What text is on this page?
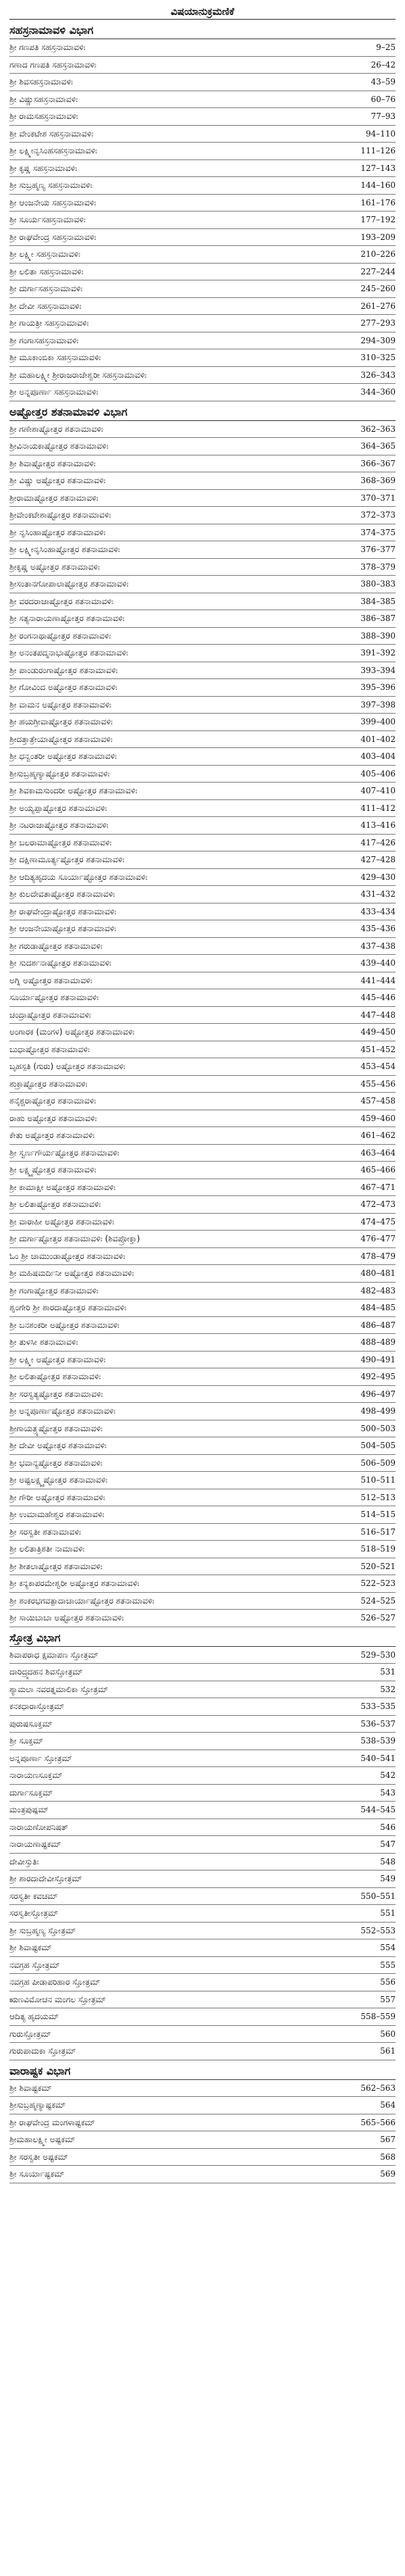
ವಿಷಯಾನುಕ್ರಮಣಿಕೆ
ಸಹಸ್ರನಾಮಾವಳಿ ವಿಭಾಗ
ಶ್ರೀ ಗಣಪತಿ ಸಹಸ್ರನಾಮಾವಳಿಃ	9–25
ಗಣಾದ ಗಣಪತಿ ಸಹಸ್ರನಾಮಾವಳಿಃ	26–42
ಶ್ರೀ ಶಿವಸಹಸ್ರನಾಮಾವಳಿಃ	43–59
ಶ್ರೀ ವಿಷ್ಣುಸಹಸ್ರನಾಮಾವಳಿಃ	60–76
ಶ್ರೀ ರಾಮಸಹಸ್ರನಾಮಾವಳಿಃ	77–93
ಶ್ರೀ ವೇಂಕಟೇಶ ಸಹಸ್ರನಾಮಾವಳಿಃ	94–110
ಶ್ರೀ ಲಕ್ಷ್ಮೀನೃಸಿಂಹಸಹಸ್ರನಾಮಾವಳಿಃ	111–126
ಶ್ರೀ ಕೃಷ್ಣ ಸಹಸ್ರನಾಮಾವಳಿಃ	127–143
ಶ್ರೀ ಸುಬ್ರಹ್ಮಣ್ಯ ಸಹಸ್ರನಾಮಾವಳಿಃ	144–160
ಶ್ರೀ ಆಂಜನೇಯ ಸಹಸ್ರನಾಮಾವಳಿಃ	161–176
ಶ್ರೀ ಸೂರ್ಯಸಹಸ್ರನಾಮಾವಳಿಃ	177–192
ಶ್ರೀ ರಾಘವೇಂದ್ರ ಸಹಸ್ರನಾಮಾವಳಿಃ	193–209
ಶ್ರೀ ಲಕ್ಷ್ಮೀ ಸಹಸ್ರನಾಮಾವಳಿಃ	210–226
ಶ್ರೀ ಲಲಿತಾ ಸಹಸ್ರನಾಮಾವಳಿಃ	227–244
ಶ್ರೀ ದುರ್ಗಾಸಹಸ್ರನಾಮಾವಳಿಃ	245–260
ಶ್ರೀ ದೇವೀ ಸಹಸ್ರನಾಮಾವಳಿಃ	261–276
ಶ್ರೀ ಗಾಯತ್ರೀ ಸಹಸ್ರನಾಮಾವಳಿಃ	277–293
ಶ್ರೀ ಗಂಗಾಸಹಸ್ರನಾಮಾವಳಿಃ	294–309
ಶ್ರೀ ಮೂಕಾಂಬಿಕಾ ಸಹಸ್ರನಾಮಾವಳಿಃ	310–325
ಶ್ರೀ ಮಹಾಲಕ್ಷ್ಮೀ ಶ್ರೀರಾಜರಾಜೇಶ್ವರೀ ಸಹಸ್ರನಾಮಾವಳಿಃ	326–343
ಶ್ರೀ ಅನ್ನಪೂರ್ಣಾ ಸಹಸ್ರನಾಮಾವಳಿಃ	344–360
ಅಷ್ಟೋತ್ತರ ಶತನಾಮಾವಳಿ ವಿಭಾಗ
ಶ್ರೀ ಗಣೇಶಾಷ್ಟೋತ್ತರ ಶತನಾಮಾವಳಿಃ	362–363
ಶ್ರೀವಿನಾಯಕಾಷ್ಟೋತ್ತರ ಶತನಾಮಾವಳಿಃ	364–365
ಶ್ರೀ ಶಿವಾಷ್ಟೋತ್ತರ ಶತನಾಮಾವಳಿಃ	366–367
ಶ್ರೀ ವಿಷ್ಣು ಅಷ್ಟೋತ್ತರ ಶತನಾಮಾವಳಿಃ	368–369
ಶ್ರೀರಾಮಾಷ್ಟೋತ್ತರ ಶತನಾಮಾವಳಿಃ	370–371
ಶ್ರೀವೇಂಕಟೇಶಾಷ್ಟೋತ್ತರ ಶತನಾಮಾವಳಿಃ	372–373
ಶ್ರೀ ನೃಸಿಂಹಾಷ್ಟೋತ್ತರ ಶತನಾಮಾವಳಿಃ	374–375
ಶ್ರೀ ಲಕ್ಷ್ಮೀನೃಸಿಂಹಾಷ್ಟೋತ್ತರ ಶತನಾಮಾವಳಿಃ	376–377
ಶ್ರೀಕೃಷ್ಣ ಅಷ್ಟೋತ್ತರ ಶತನಾಮಾವಳಿಃ	378–379
ಶ್ರೀಸಂತಾನಗೋಪಾಲಾಷ್ಟೋತ್ತರ ಶತನಾಮಾವಳಿಃ	380–383
ಶ್ರೀ ವರದರಾಜಾಷ್ಟೋತ್ತರ ಶತನಾಮಾವಳಿಃ	384–385
ಶ್ರೀ ಸತ್ಯನಾರಾಯಣಾಷ್ಟೋತ್ತರ ಶತನಾಮಾವಳಿಃ	386–387
ಶ್ರೀ ರಂಗನಾಥಾಷ್ಟೋತ್ತರ ಶತನಾಮಾವಳಿಃ	388–390
ಶ್ರೀ ಅನಂತಪದ್ಮನಾಭಾಷ್ಟೋತ್ತರ ಶತನಾಮಾವಳಿಃ	391–392
ಶ್ರೀ ಪಾಂಡುರಂಗಾಷ್ಟೋತ್ತರ ಶತನಾಮಾವಳಿಃ	393–394
ಶ್ರೀ ಗೋವಿಂದ ಅಷ್ಟೋತ್ತರ ಶತನಾಮಾವಳಿಃ	395–396
ಶ್ರೀ ವಾಮನ ಅಷ್ಟೋತ್ತರ ಶತನಾಮಾವಳಿಃ	397–398
ಶ್ರೀ ಹಯಗ್ರೀವಾಷ್ಟೋತ್ತರ ಶತನಾಮಾವಳಿಃ	399–400
ಶ್ರೀದತ್ತಾತ್ರೇಯಾಷ್ಟೋತ್ತರ ಶತನಾಮಾವಳಿಃ	401–402
ಶ್ರೀ ಧನ್ವಂತರೀ ಅಷ್ಟೋತ್ತರ ಶತನಾಮಾವಳಿಃ	403–404
ಶ್ರೀಸುಬ್ರಹ್ಮಣ್ಯಾಷ್ಟೋತ್ತರ ಶತನಾಮಾವಳಿಃ	405–406
ಶ್ರೀ ಶಿವಕಾಮಸುಂದರೀ ಅಷ್ಟೋತ್ತರ ಶತನಾಮಾವಳಿಃ	407–410
ಶ್ರೀ ಅಯ್ಯಪ್ಪಾಷ್ಟೋತ್ತರ ಶತನಾಮಾವಳಿಃ	411–412
ಶ್ರೀ ನಟರಾಜಾಷ್ಟೋತ್ತರ ಶತನಾಮಾವಳಿಃ	413–416
ಶ್ರೀ ಬಲರಾಮಾಷ್ಟೋತ್ತರ ಶತನಾಮಾವಳಿಃ	417–426
ಶ್ರೀ ದಕ್ಷಿಣಾಮೂರ್ತ್ಯಷ್ಟೋತ್ತರ ಶತನಾಮಾವಳಿಃ	427–428
ಶ್ರೀ ಆದಿತ್ಯಹೃದಯ ಸೂರ್ಯಾಷ್ಟೋತ್ತರ ಶತನಾಮಾವಳಿಃ	429–430
ಶ್ರೀ ಕುಲದೇವತಾಷ್ಟೋತ್ತರ ಶತನಾಮಾವಳಿಃ	431–432
ಶ್ರೀ ರಾಘವೇಂದ್ರಾಷ್ಟೋತ್ತರ ಶತನಾಮಾವಳಿಃ	433–434
ಶ್ರೀ ಆಂಜನೇಯಾಷ್ಟೋತ್ತರ ಶತನಾಮಾವಳಿಃ	435–436
ಶ್ರೀ ಗರುಡಾಷ್ಟೋತ್ತರ ಶತನಾಮಾವಳಿಃ	437–438
ಶ್ರೀ ಸುದರ್ಶನಾಷ್ಟೋತ್ತರ ಶತನಾಮಾವಳಿಃ	439–440
ಅಗ್ನಿ ಅಷ್ಟೋತ್ತರ ಶತನಾಮಾವಳಿಃ	441–444
ಸೂರ್ಯಾಷ್ಟೋತ್ತರ ಶತನಾಮಾವಳಿಃ	445–446
ಚಂದ್ರಾಷ್ಟೋತ್ತರ ಶತನಾಮಾವಳಿಃ	447–448
ಅಂಗಾರಕ (ಮಂಗಳ) ಅಷ್ಟೋತ್ತರ ಶತನಾಮಾವಳಿಃ	449–450
ಬುಧಾಷ್ಟೋತ್ತರ ಶತನಾಮಾವಳಿಃ	451–452
ಬೃಹಸ್ಪತಿ (ಗುರು) ಅಷ್ಟೋತ್ತರ ಶತನಾಮಾವಳಿಃ	453–454
ಶುಕ್ರಾಷ್ಟೋತ್ತರ ಶತನಾಮಾವಳಿಃ	455–456
ಶನೈಶ್ಚರಾಷ್ಟೋತ್ತರ ಶತನಾಮಾವಳಿಃ	457–458
ರಾಹು ಅಷ್ಟೋತ್ತರ ಶತನಾಮಾವಳಿಃ	459–460
ಕೇತು ಅಷ್ಟೋತ್ತರ ಶತನಾಮಾವಳಿಃ	461–462
ಶ್ರೀ ಸ್ವರ್ಣಗೌರ್ಯಷ್ಟೋತ್ತರ ಶತನಾಮಾವಳಿಃ	463–464
ಶ್ರೀ ಲಕ್ಷ್ಮ್ಯಷ್ಟೋತ್ತರ ಶತನಾಮಾವಳಿಃ	465–466
ಶ್ರೀ ಕಾಮಾಕ್ಷೀ ಅಷ್ಟೋತ್ತರ ಶತನಾಮಾವಳಿಃ	467–471
ಶ್ರೀ ಲಲಿತಾಷ್ಟೋತ್ತರ ಶತನಾಮಾವಳಿಃ	472–473
ಶ್ರೀ ವಾರಾಹೀ ಅಷ್ಟೋತ್ತರ ಶತನಾಮಾವಳಿಃ	474–475
ಶ್ರೀ ದುರ್ಗಾಷ್ಟೋತ್ತರ ಶತನಾಮಾವಳಿಃ (ಶಿವಪ್ರೋಕ್ತಾ)	476–477
ಓಂ ಶ್ರೀ ಚಾಮುಂಡಾಷ್ಟೋತ್ತರ ಶತನಾಮಾವಳಿಃ	478–479
ಶ್ರೀ ಮಹಿಷಮರ್ದಿನೀ ಅಷ್ಟೋತ್ತರ ಶತನಾಮಾವಳಿಃ	480–481
ಶ್ರೀ ಗಂಗಾಷ್ಟೋತ್ತರ ಶತನಾಮಾವಳಿಃ	482–483
ಶೃಂಗೇರಿ ಶ್ರೀ ಶಾರದಾಷ್ಟೋತ್ತರ ಶತನಾಮಾವಳಿಃ	484–485
ಶ್ರೀ ಬನಶಂಕರೀ ಅಷ್ಟೋತ್ತರ ಶತನಾಮಾವಳಿಃ	486–487
ಶ್ರೀ ತುಳಸೀ ಶತನಾಮಾವಳಿಃ	488–489
ಶ್ರೀ ಲಕ್ಷ್ಮೀ ಅಷ್ಟೋತ್ತರ ಶತನಾಮಾವಳಿಃ	490–491
ಶ್ರೀ ಲಲಿತಾಷ್ಟೋತ್ತರ ಶತನಾಮಾವಳಿಃ	492–495
ಶ್ರೀ ಸರಸ್ವತ್ಯಷ್ಟೋತ್ತರ ಶತನಾಮಾವಳಿಃ	496–497
ಶ್ರೀ ಅನ್ನಪೂರ್ಣಾಷ್ಟೋತ್ತರ ಶತನಾಮಾವಳಿಃ	498–499
ಶ್ರೀಗಾಯತ್ರ್ಯಷ್ಟೋತ್ತರ ಶತನಾಮಾವಳಿಃ	500–503
ಶ್ರೀ ದೇವೀ ಅಷ್ಟೋತ್ತರ ಶತನಾಮಾವಳಿಃ	504–505
ಶ್ರೀ ಭವಾನ್ಯಷ್ಟೋತ್ತರ ಶತನಾಮಾವಳಿಃ	506–509
ಶ್ರೀ ಅಷ್ಟಲಕ್ಷ್ಮ್ಯಷ್ಟೋತ್ತರ ಶತನಾಮಾವಳಿಃ	510–511
ಶ್ರೀ ಗೌರೀ ಅಷ್ಟೋತ್ತರ ಶತನಾಮಾವಳಿಃ	512–513
ಶ್ರೀ ಉಮಾಮಹೇಶ್ವರ ಶತನಾಮಾವಳಿಃ	514–515
ಶ್ರೀ ಸರಸ್ವತೀ ಶತನಾಮಾವಳಿಃ	516–517
ಶ್ರೀ ಲಲಿತಾತ್ರಿಶತೀ ನಾಮಾವಳಿಃ	518–519
ಶ್ರೀ ಶೀತಲಾಷ್ಟೋತ್ತರ ಶತನಾಮಾವಳಿಃ	520–521
ಶ್ರೀ ಕನ್ಯಕಾಪರಮೇಶ್ವರೀ ಅಷ್ಟೋತ್ತರ ಶತನಾಮಾವಳಿಃ	522–523
ಶ್ರೀ ಶಂಕರಭಗವತ್ಪಾದಾಚಾರ್ಯಾಷ್ಟೋತ್ತರ ಶತನಾಮಾವಳಿಃ	524–525
ಶ್ರೀ ಸಾಯಿಬಾಬಾ ಅಷ್ಟೋತ್ತರ ಶತನಾಮಾವಳಿಃ	526–527
ಸ್ತೋತ್ರ ವಿಭಾಗ
ಶಿವಾಪರಾಧ ಕ್ಷಮಾಪಣ ಸ್ತೋತ್ರಮ್	529–530
ದಾರಿದ್ರ್ಯದಹನ ಶಿವಸ್ತೋತ್ರಮ್	531
ಶ್ಯಾಮಲಾ ನವರತ್ನಮಾಲಿಕಾ ಸ್ತೋತ್ರಮ್	532
ಕನಕಧಾರಾಸ್ತೋತ್ರಮ್	533–535
ಪುರುಷಸೂಕ್ತಮ್	536–537
ಶ್ರೀ ಸೂಕ್ತಮ್	538–539
ಅನ್ನಪೂರ್ಣಾ ಸ್ತೋತ್ರಮ್	540–541
ನಾರಾಯಣಸೂಕ್ತಮ್	542
ದುರ್ಗಾಸೂಕ್ತಮ್	543
ಮಂತ್ರಪುಷ್ಪಮ್	544–545
ನಾರಾಯಣೋಪನಿಷತ್	546
ನಾರಾಯಣಾಷ್ಟಕಮ್	547
ದೇವೀಸ್ತುತಿಃ	548
ಶ್ರೀ ಶಾರದಾದೇವೀಸ್ತೋತ್ರಮ್	549
ಸರಸ್ವತೀ ಕವಚಮ್	550–551
ಸರಸ್ವತೀಸ್ತೋತ್ರಮ್	551
ಶ್ರೀ ಸುಬ್ರಹ್ಮಣ್ಯ ಸ್ತೋತ್ರಮ್	552–553
ಶ್ರೀ ಶಿವಾಷ್ಟಕಮ್	554
ನವಗ್ರಹ ಸ್ತೋತ್ರಮ್	555
ನವಗ್ರಹ ಪೀಡಾಪರಿಹಾರ ಸ್ತೋತ್ರಮ್	556
ಋಣವಿಮೋಚನ ಮಂಗಲ ಸ್ತೋತ್ರಮ್	557
ಆದಿತ್ಯ ಹೃದಯಮ್	558–559
ಗುರುಸ್ತೋತ್ರಮ್	560
ಗುರುಪಾದುಕಾ ಸ್ತೋತ್ರಮ್	561
ವಾರಾಷ್ಟಕ ವಿಭಾಗ
ಶ್ರೀ ಶಿವಾಷ್ಟಕಮ್	562–563
ಶ್ರೀಸುಬ್ರಹ್ಮಣ್ಯಾಷ್ಟಕಮ್	564
ಶ್ರೀ ರಾಘವೇಂದ್ರ ಮಂಗಳಾಷ್ಟಕಮ್	565–566
ಶ್ರೀಮಹಾಲಕ್ಷ್ಮೀ ಅಷ್ಟಕಮ್	567
ಶ್ರೀ ಸರಸ್ವತೀ ಅಷ್ಟಕಮ್	568
ಶ್ರೀ ಸೂರ್ಯಾಷ್ಟಕಮ್	569
